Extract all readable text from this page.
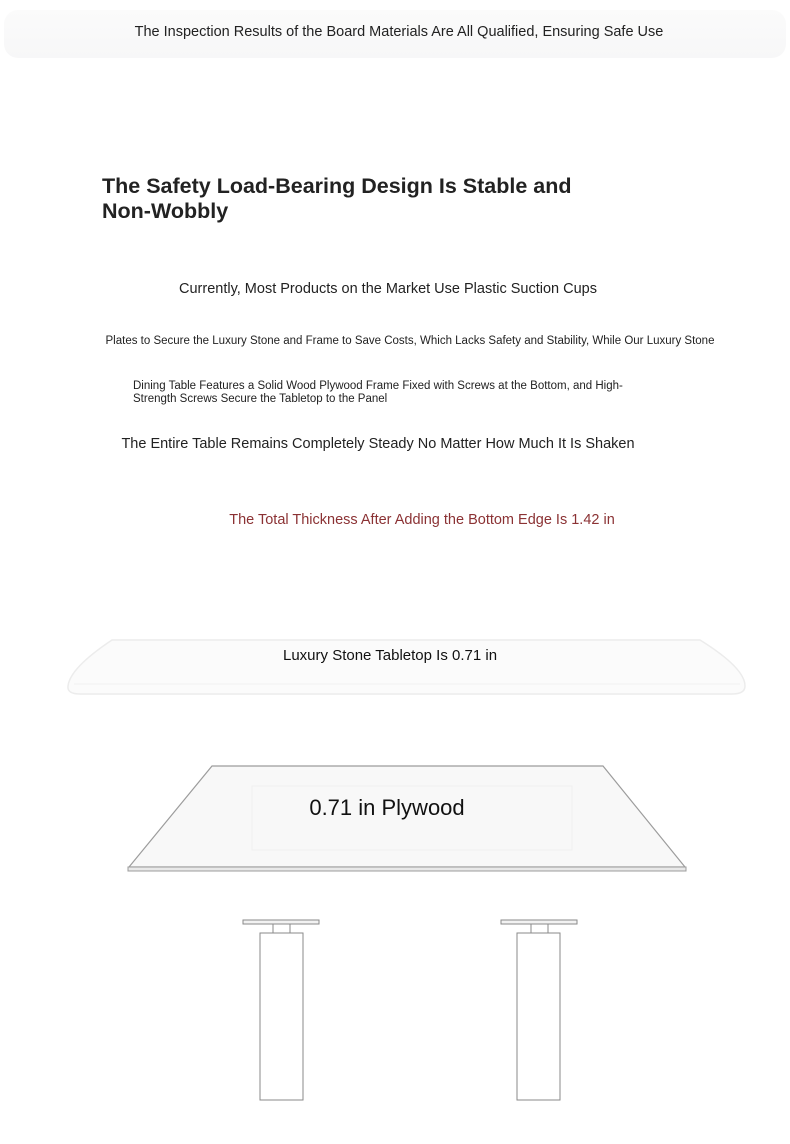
The Inspection Results of the Board Materials Are All Qualified, Ensuring Safe Use
The Safety Load-Bearing Design Is Stable and Non-Wobbly
Currently, Most Products on the Market Use Plastic Suction Cups
Plates to Secure the Luxury Stone and Frame to Save Costs, Which Lacks Safety and Stability, While Our Luxury Stone
Dining Table Features a Solid Wood Plywood Frame Fixed with Screws at the Bottom, and High-Strength Screws Secure the Tabletop to the Panel
The Entire Table Remains Completely Steady No Matter How Much It Is Shaken
The Total Thickness After Adding the Bottom Edge Is 1.42 in
Luxury Stone Tabletop Is 0.71 in
0.71 in Plywood
